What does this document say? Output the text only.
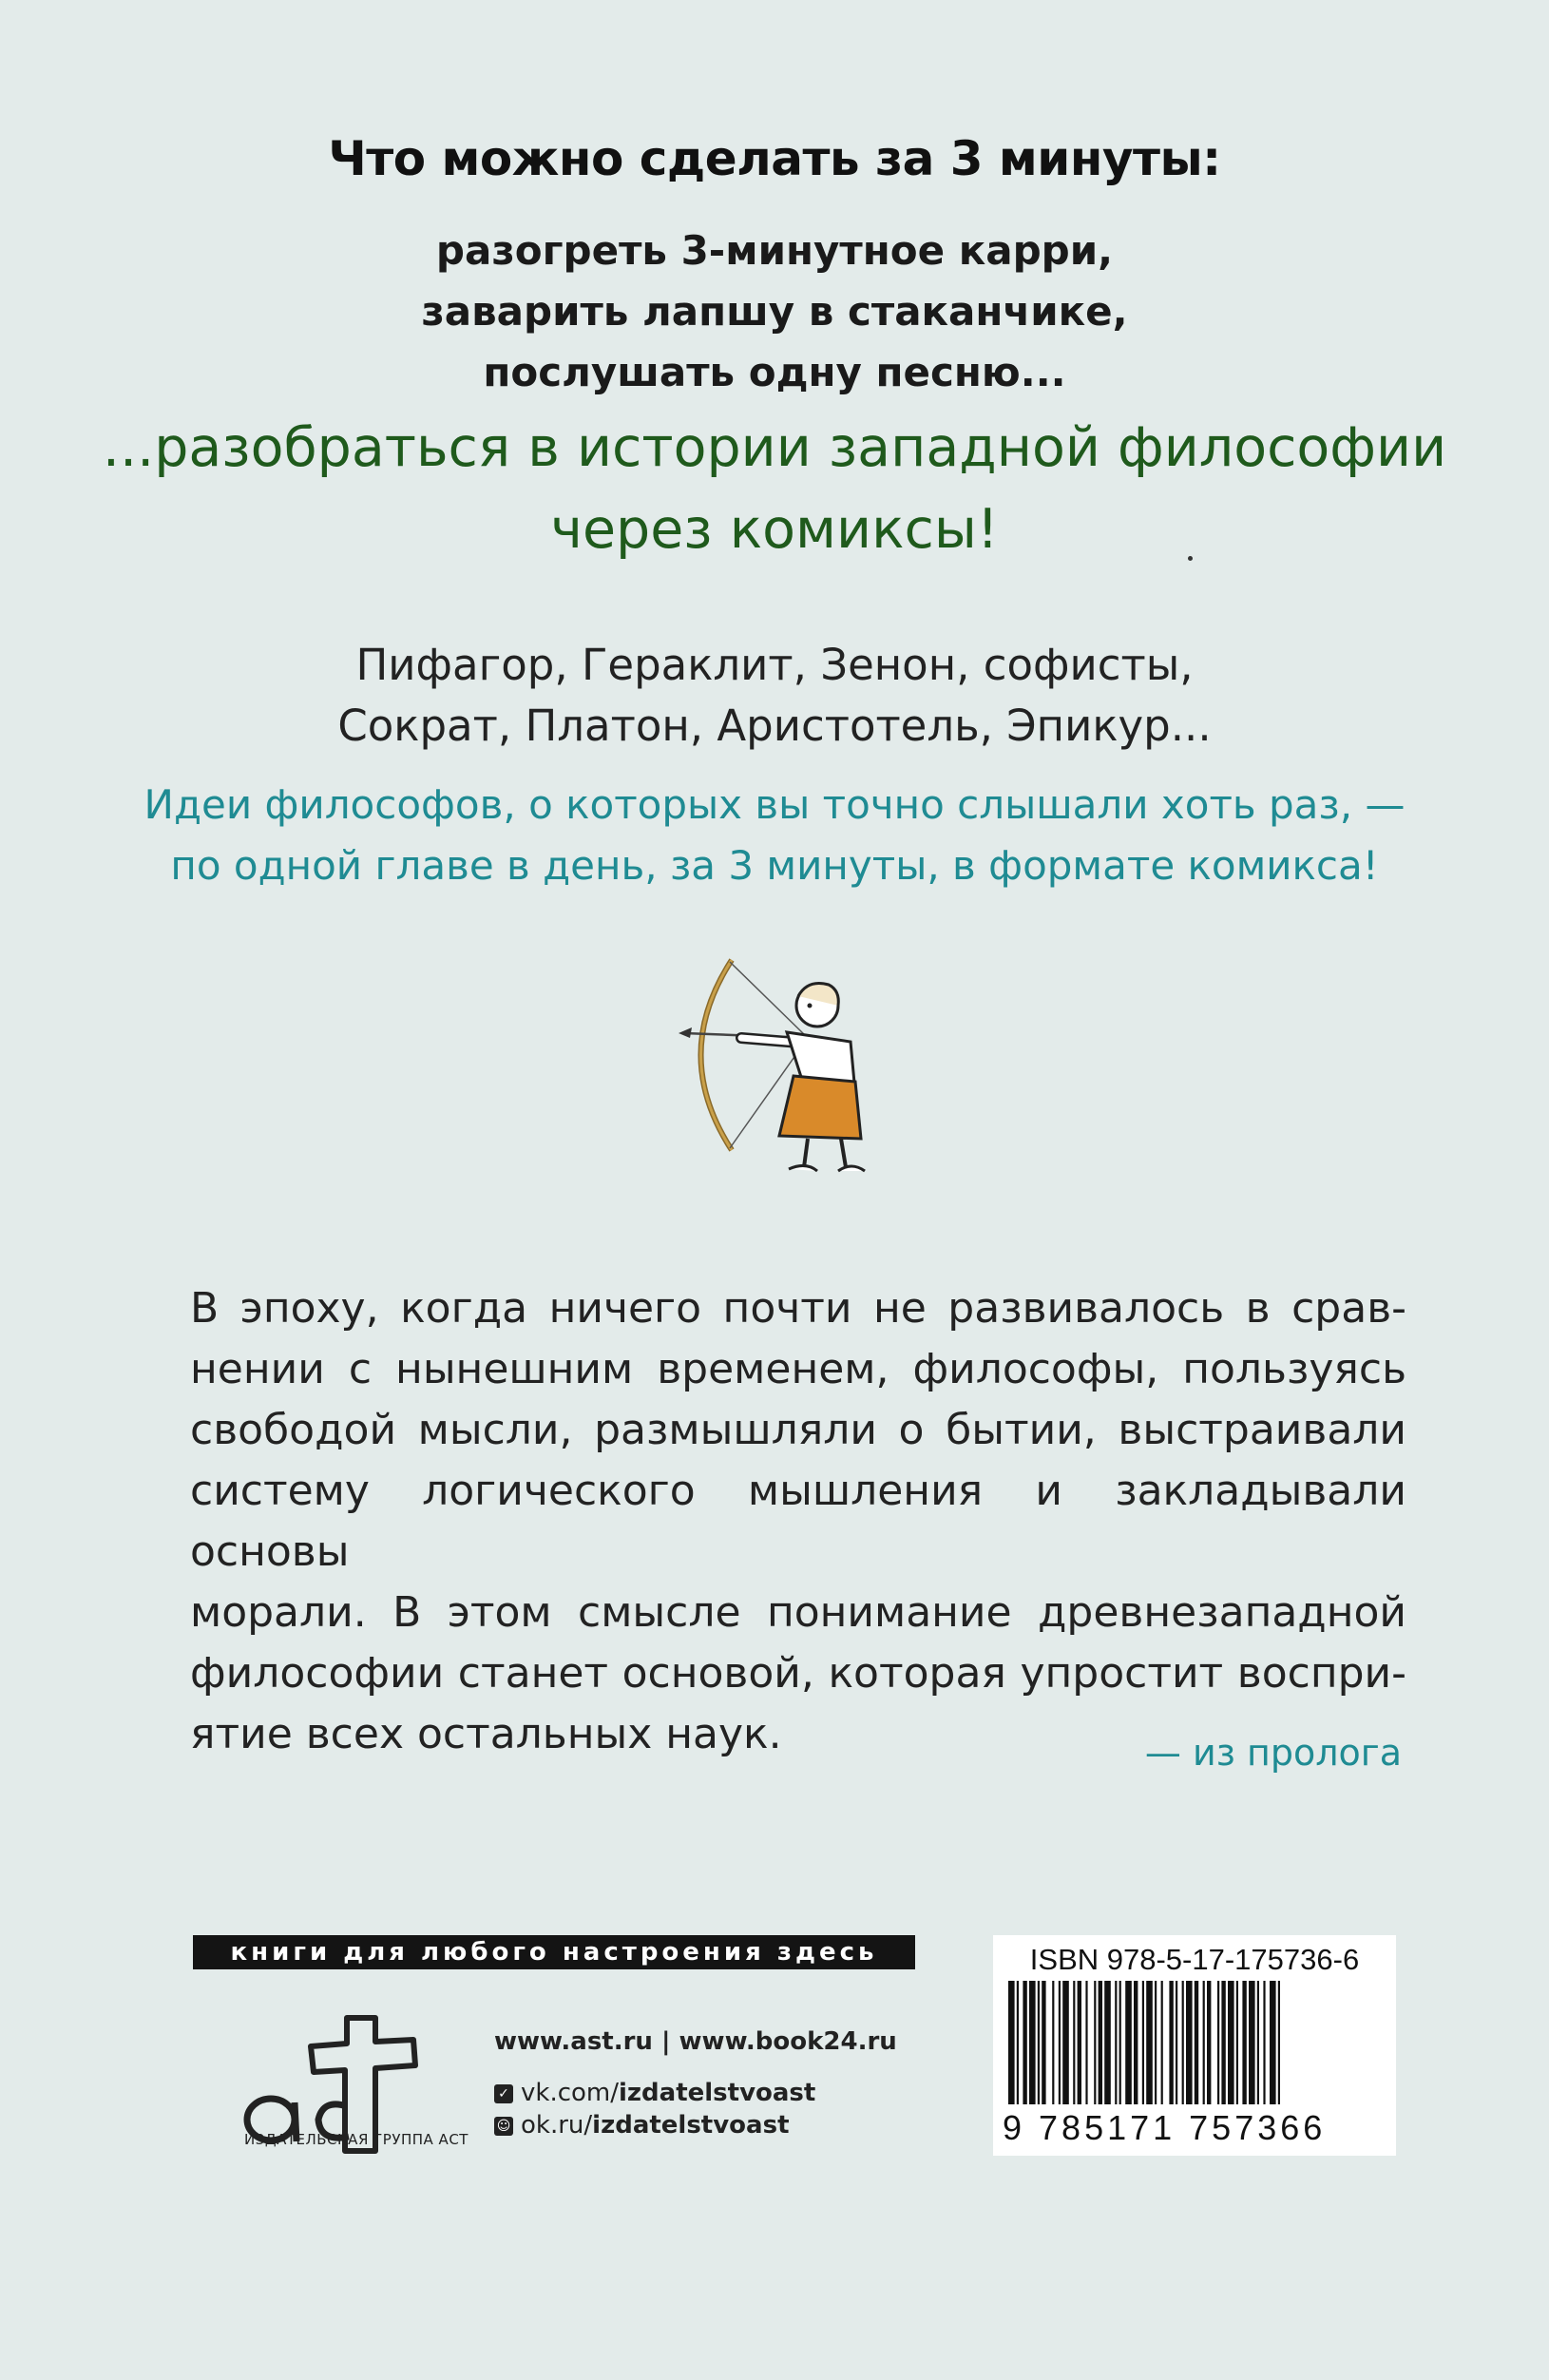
Что можно сделать за 3 минуты:
разогреть 3-минутное карри,
заварить лапшу в стаканчике,
послушать одну песню...
...разобраться в истории западной философии
через комиксы!
Пифагор, Гераклит, Зенон, софисты,
Сократ, Платон, Аристотель, Эпикур...
Идеи философов, о которых вы точно слышали хоть раз, —
по одной главе в день, за 3 минуты, в формате комикса!
В эпоху, когда ничего почти не развивалось в срав-
нении с нынешним временем, философы, пользуясь
свободой мысли, размышляли о бытии, выстраивали
систему логического мышления и закладывали основы
морали. В этом смысле понимание древнезападной
философии станет основой, которая упростит воспри-
ятие всех остальных наук.	— из пролога
книги для любого настроения здесь
ИЗДАТЕЛЬСКАЯ ГРУППА АСТ
www.ast.ru | www.book24.ru
✓ vk.com/izdatelstvoast
☺ ok.ru/izdatelstvoast
ISBN 978-5-17-175736-6
9 785171 757366
